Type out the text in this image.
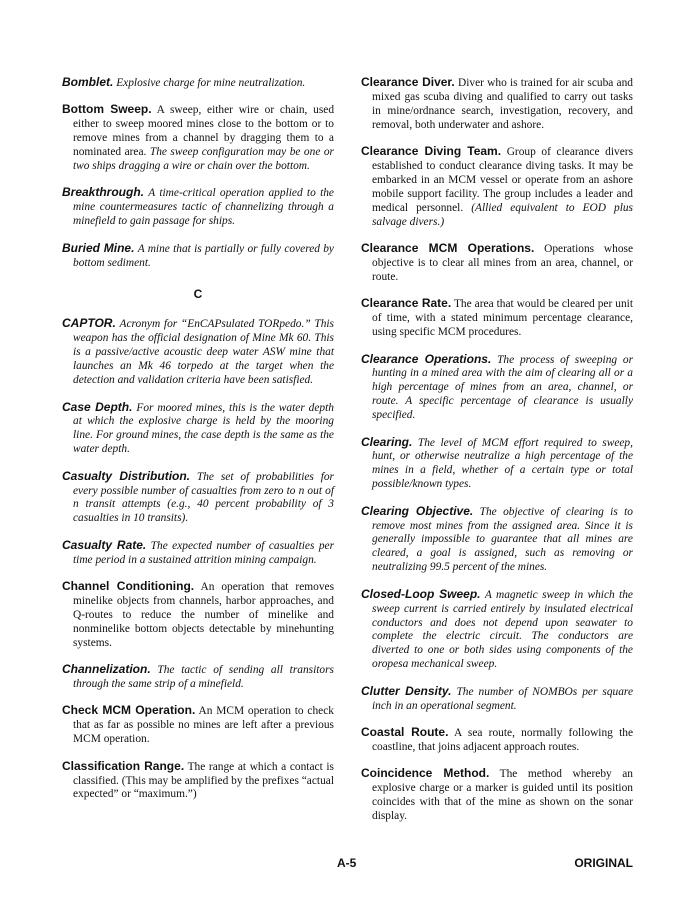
Bomblet. Explosive charge for mine neutralization.

Bottom Sweep. A sweep, either wire or chain, used either to sweep moored mines close to the bottom or to remove mines from a channel by dragging them to a nominated area. The sweep configuration may be one or two ships dragging a wire or chain over the bottom.

Breakthrough. A time-critical operation applied to the mine countermeasures tactic of channelizing through a minefield to gain passage for ships.

Buried Mine. A mine that is partially or fully covered by bottom sediment.

C

CAPTOR. Acronym for “EnCAPsulated TORpedo.” This weapon has the official designation of Mine Mk 60. This is a passive/active acoustic deep water ASW mine that launches an Mk 46 torpedo at the target when the detection and validation criteria have been satisfied.

Case Depth. For moored mines, this is the water depth at which the explosive charge is held by the mooring line. For ground mines, the case depth is the same as the water depth.

Casualty Distribution. The set of probabilities for every possible number of casualties from zero to n out of n transit attempts (e.g., 40 percent probability of 3 casualties in 10 transits).

Casualty Rate. The expected number of casualties per time period in a sustained attrition mining campaign.

Channel Conditioning. An operation that removes minelike objects from channels, harbor approaches, and Q-routes to reduce the number of minelike and nonminelike bottom objects detectable by minehunting systems.

Channelization. The tactic of sending all transitors through the same strip of a minefield.

Check MCM Operation. An MCM operation to check that as far as possible no mines are left after a previous MCM operation.

Classification Range. The range at which a contact is classified. (This may be amplified by the prefixes “actual expected” or “maximum.”)

Clearance Diver. Diver who is trained for air scuba and mixed gas scuba diving and qualified to carry out tasks in mine/ordnance search, investigation, recovery, and removal, both underwater and ashore.

Clearance Diving Team. Group of clearance divers established to conduct clearance diving tasks. It may be embarked in an MCM vessel or operate from an ashore mobile support facility. The group includes a leader and medical personnel. (Allied equivalent to EOD plus salvage divers.)

Clearance MCM Operations. Operations whose objective is to clear all mines from an area, channel, or route.

Clearance Rate. The area that would be cleared per unit of time, with a stated minimum percentage clearance, using specific MCM procedures.

Clearance Operations. The process of sweeping or hunting in a mined area with the aim of clearing all or a high percentage of mines from an area, channel, or route. A specific percentage of clearance is usually specified.

Clearing. The level of MCM effort required to sweep, hunt, or otherwise neutralize a high percentage of the mines in a field, whether of a certain type or total possible/known types.

Clearing Objective. The objective of clearing is to remove most mines from the assigned area. Since it is generally impossible to guarantee that all mines are cleared, a goal is assigned, such as removing or neutralizing 99.5 percent of the mines.

Closed-Loop Sweep. A magnetic sweep in which the sweep current is carried entirely by insulated electrical conductors and does not depend upon seawater to complete the electric circuit. The conductors are diverted to one or both sides using components of the oropesa mechanical sweep.

Clutter Density. The number of NOMBOs per square inch in an operational segment.

Coastal Route. A sea route, normally following the coastline, that joins adjacent approach routes.

Coincidence Method. The method whereby an explosive charge or a marker is guided until its position coincides with that of the mine as shown on the sonar display.

A-5	ORIGINAL
